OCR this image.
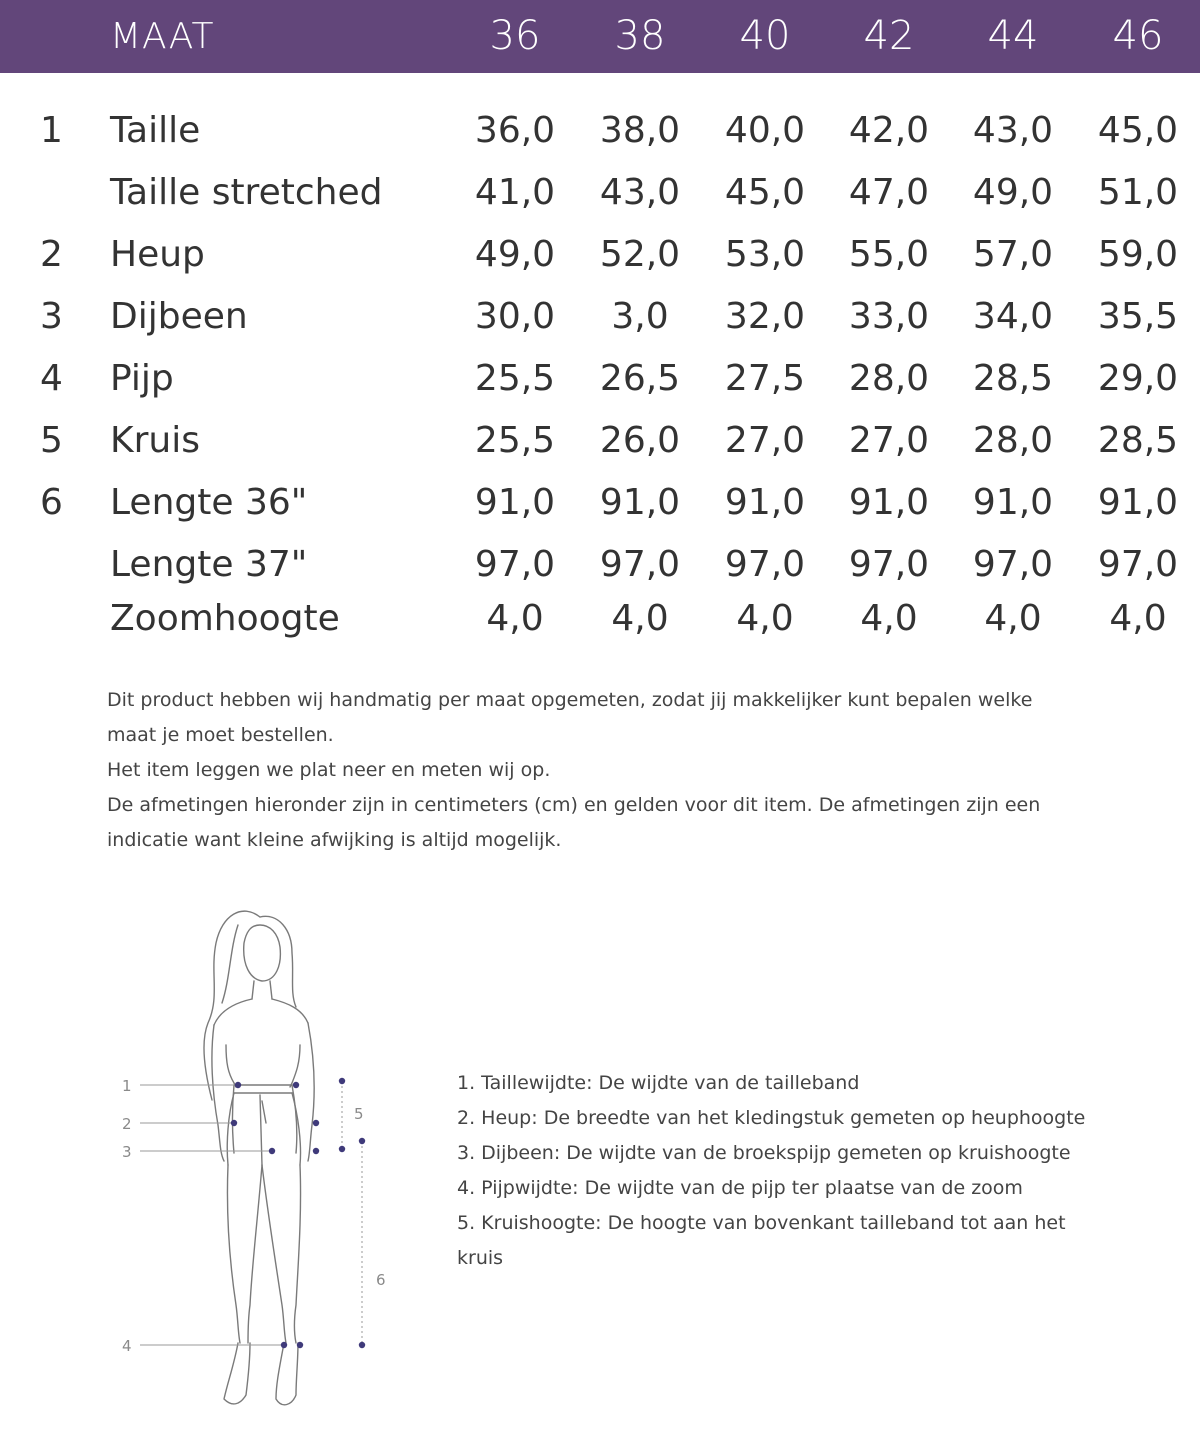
MAAT	36	38	40	42	44	46
1 Taille	36,0	38,0	40,0	42,0	43,0	45,0
Taille stretched	41,0	43,0	45,0	47,0	49,0	51,0
2 Heup	49,0	52,0	53,0	55,0	57,0	59,0
3 Dijbeen	30,0	3,0	32,0	33,0	34,0	35,5
4 Pijp	25,5	26,5	27,5	28,0	28,5	29,0
5 Kruis	25,5	26,0	27,0	27,0	28,0	28,5
6 Lengte 36"	91,0	91,0	91,0	91,0	91,0	91,0
Lengte 37"	97,0	97,0	97,0	97,0	97,0	97,0
Zoomhoogte	4,0	4,0	4,0	4,0	4,0	4,0

Dit product hebben wij handmatig per maat opgemeten, zodat jij makkelijker kunt bepalen welke maat je moet bestellen.

Het item leggen we plat neer en meten wij op.

De afmetingen hieronder zijn in centimeters (cm) en gelden voor dit item. De afmetingen zijn een indicatie want kleine afwijking is altijd mogelijk.

1
2
3
4
5
6

1. Taillewijdte: De wijdte van de tailleband

2. Heup: De breedte van het kledingstuk gemeten op heuphoogte

3. Dijbeen: De wijdte van de broekspijp gemeten op kruishoogte

4. Pijpwijdte: De wijdte van de pijp ter plaatse van de zoom

5. Kruishoogte: De hoogte van bovenkant tailleband tot aan het kruis
